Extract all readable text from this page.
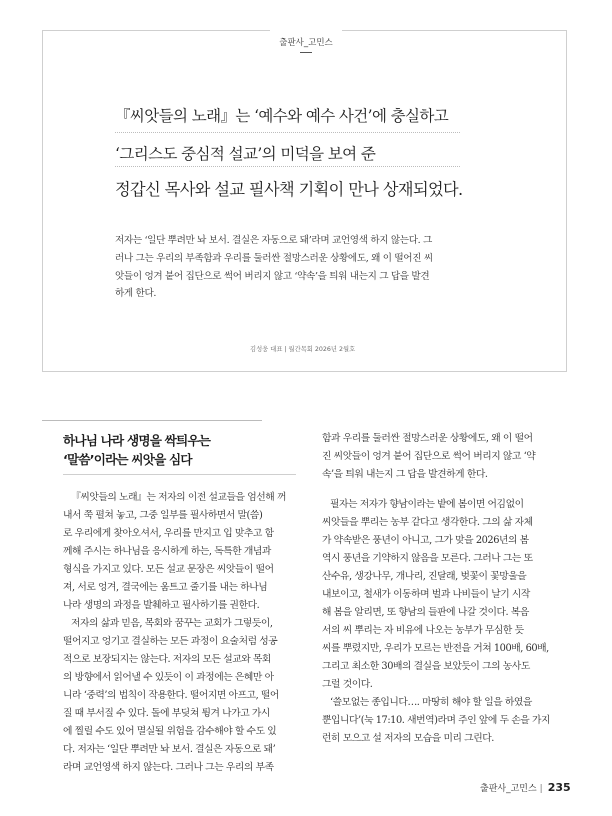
출판사_고민스
『씨앗들의 노래』는 ‘예수와 예수 사건’에 충실하고
‘그리스도 중심적 설교’의 미덕을 보여 준
정갑신 목사와 설교 필사책 기획이 만나 상재되었다.
저자는 ‘일단 뿌려만 놔 보서. 결실은 자동으로 돼’라며 교언영색 하지 않는다. 그
러나 그는 우리의 부족함과 우리를 둘러싼 절망스러운 상황에도, 왜 이 떨어진 씨
앗들이 엉겨 붙어 집단으로 썩어 버리지 않고 ‘약속’을 틔워 내는지 그 답을 발견
하게 한다.
김성웅 대표 | 월간목회 2026년 2월호
하나님 나라 생명을 싹틔우는
‘말씀’이라는 씨앗을 심다
『씨앗들의 노래』는 저자의 이전 설교들을 엄선해 꺼
내서 쭉 펼쳐 놓고, 그중 일부를 필사하면서 말(씀)
로 우리에게 찾아오셔서, 우리를 만지고 입 맞추고 함
께해 주시는 하나님을 응시하게 하는, 독특한 개념과
형식을 가지고 있다. 모든 설교 문장은 씨앗들이 떨어
져, 서로 엉겨, 결국에는 움트고 줄기를 내는 하나님
나라 생명의 과정을 발췌하고 필사하기를 권한다.
저자의 삶과 믿음, 목회와 꿈꾸는 교회가 그렇듯이,
떨어지고 엉기고 결실하는 모든 과정이 요술처럼 성공
적으로 보장되지는 않는다. 저자의 모든 설교와 목회
의 방향에서 읽어낼 수 있듯이 이 과정에는 은혜만 아
니라 ‘중력’의 법칙이 작용한다. 떨어지면 아프고, 떨어
질 때 부서질 수 있다. 돌에 부딪쳐 튕겨 나가고 가시
에 찔릴 수도 있어 멸실될 위험을 감수해야 할 수도 있
다. 저자는 ‘일단 뿌려만 놔 보서. 결실은 자동으로 돼’
라며 교언영색 하지 않는다. 그러나 그는 우리의 부족
함과 우리를 둘러싼 절망스러운 상황에도, 왜 이 떨어
진 씨앗들이 엉겨 붙어 집단으로 썩어 버리지 않고 ‘약
속’을 틔워 내는지 그 답을 발견하게 한다.
필자는 저자가 향남이라는 밭에 봄이면 어김없이
씨앗들을 뿌리는 농부 같다고 생각한다. 그의 삶 자체
가 약속받은 풍년이 아니고, 그가 맞을 2026년의 봄
역시 풍년을 기약하지 않음을 모른다. 그러나 그는 또
산수유, 생강나무, 개나리, 진달래, 벚꽃이 꽃망울을
내보이고, 철새가 이동하며 벌과 나비들이 날기 시작
해 봄을 알리면, 또 향남의 들판에 나갈 것이다. 복음
서의 씨 뿌리는 자 비유에 나오는 농부가 무심한 듯
씨를 뿌렸지만, 우리가 모르는 반전을 거쳐 100배, 60배,
그리고 최소한 30배의 결실을 보았듯이 그의 농사도
그럴 것이다.
‘쓸모없는 종입니다…. 마땅히 해야 할 일을 하였을
뿐입니다’(눅 17:10. 새번역)라며 주인 앞에 두 손을 가지
런히 모으고 설 저자의 모습을 미리 그린다.
출판사_고민스 | 235
